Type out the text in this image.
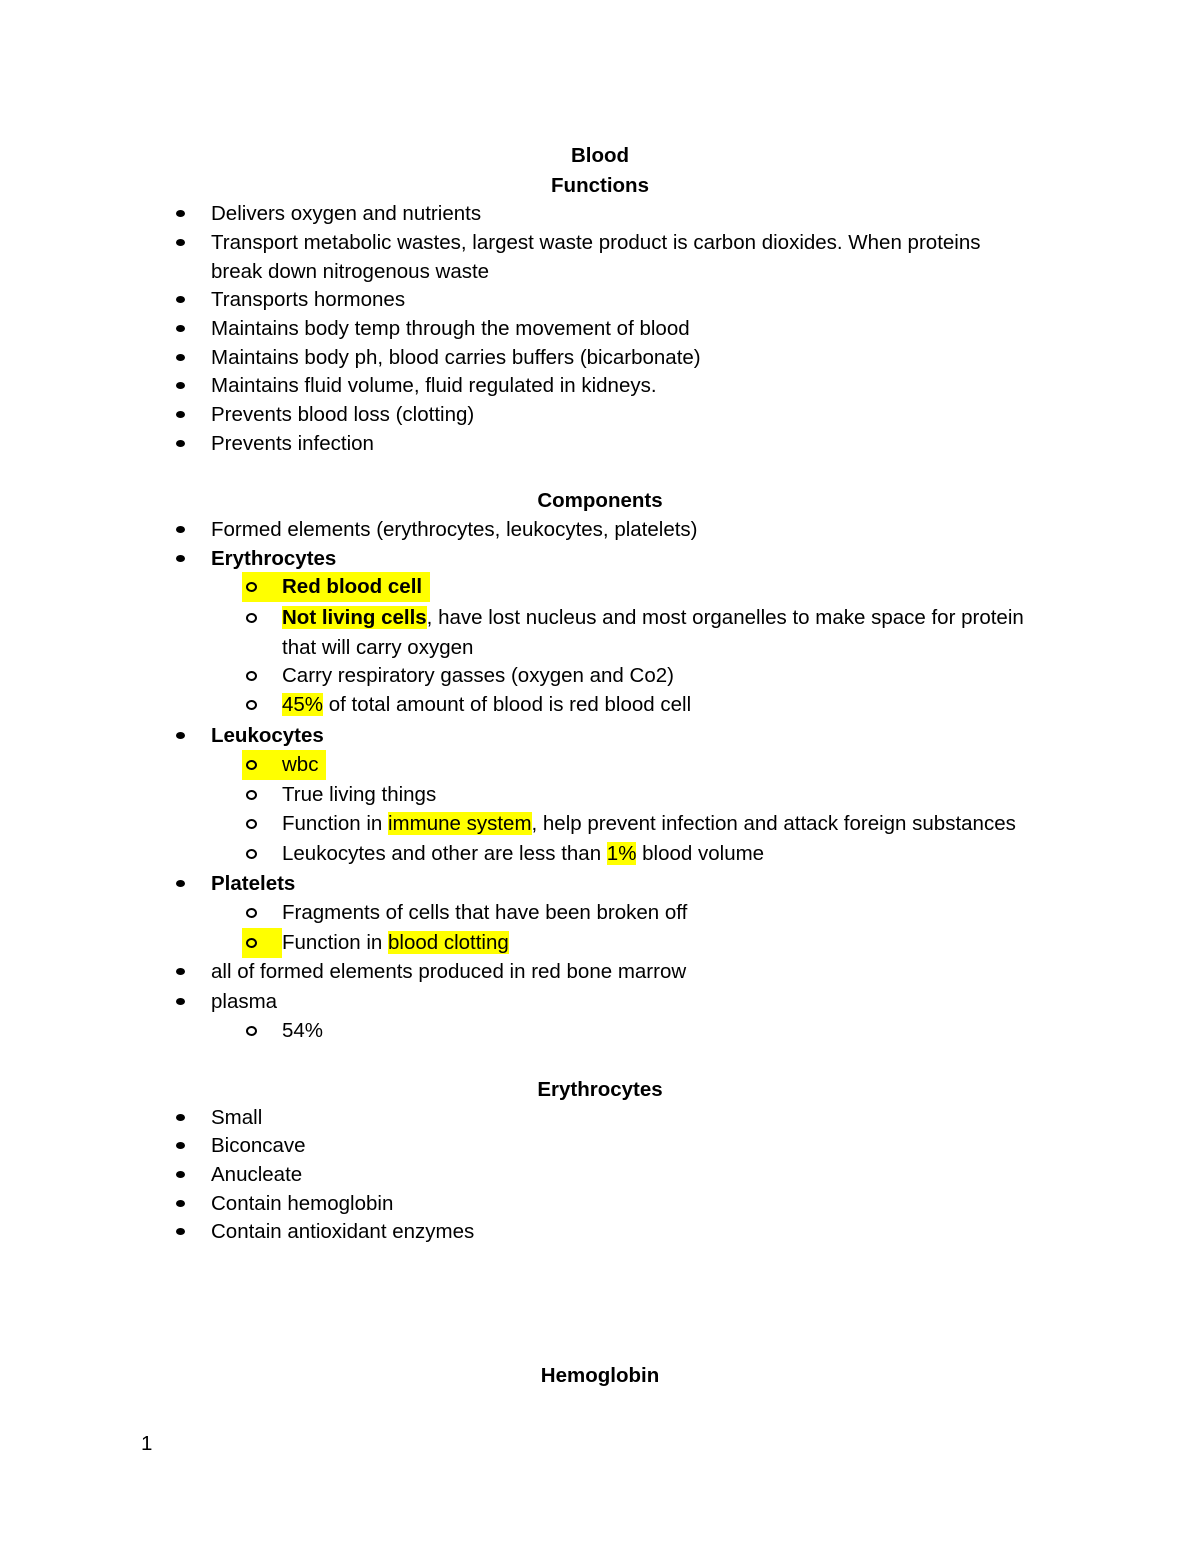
Blood
Functions
Delivers oxygen and nutrients
Transport metabolic wastes, largest waste product is carbon dioxides. When proteins
break down nitrogenous waste
Transports hormones
Maintains body temp through the movement of blood
Maintains body ph, blood carries buffers (bicarbonate)
Maintains fluid volume, fluid regulated in kidneys.
Prevents blood loss (clotting)
Prevents infection
Components
Formed elements (erythrocytes, leukocytes, platelets)
Erythrocytes
Red blood cell
Not living cells, have lost nucleus and most organelles to make space for protein
that will carry oxygen
Carry respiratory gasses (oxygen and Co2)
45% of total amount of blood is red blood cell
Leukocytes
wbc
True living things
Function in immune system, help prevent infection and attack foreign substances
Leukocytes and other are less than 1% blood volume
Platelets
Fragments of cells that have been broken off
Function in blood clotting
all of formed elements produced in red bone marrow
plasma
54%
Erythrocytes
Small
Biconcave
Anucleate
Contain hemoglobin
Contain antioxidant enzymes
Hemoglobin
1
